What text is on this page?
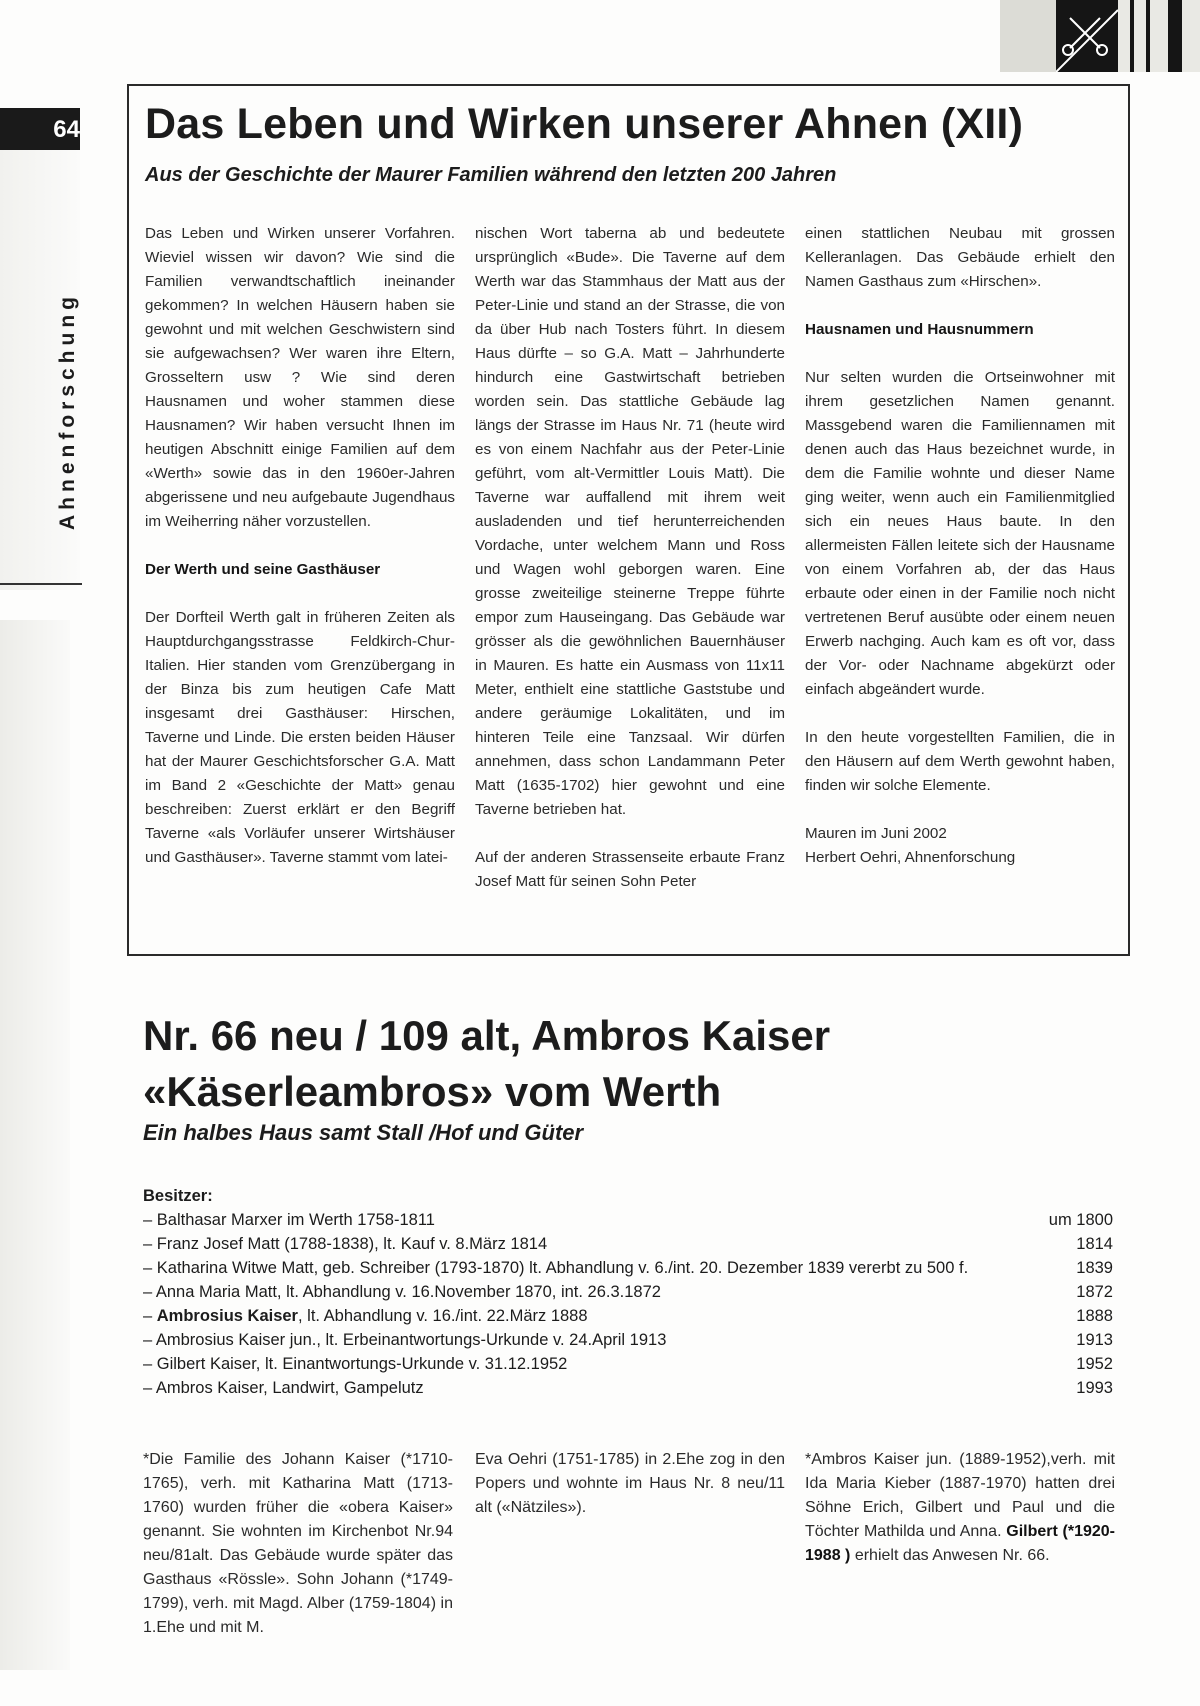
64
Ahnenforschung
Das Leben und Wirken unserer Ahnen (XII)
Aus der Geschichte der Maurer Familien während den letzten 200 Jahren

Das Leben und Wirken unserer Vorfahren. Wieviel wissen wir davon? Wie sind die Familien verwandtschaftlich ineinander gekommen? In welchen Häusern haben sie gewohnt und mit welchen Geschwistern sind sie aufgewachsen? Wer waren ihre Eltern, Grosseltern usw ? Wie sind deren Hausnamen und woher stammen diese Hausnamen? Wir haben versucht Ihnen im heutigen Abschnitt einige Familien auf dem «Werth» sowie das in den 1960er-Jahren abgerissene und neu aufgebaute Jugendhaus im Weiherring näher vorzustellen.

Der Werth und seine Gasthäuser

Der Dorfteil Werth galt in früheren Zeiten als Hauptdurchgangsstrasse Feldkirch-Chur-Italien. Hier standen vom Grenzübergang in der Binza bis zum heutigen Cafe Matt insgesamt drei Gasthäuser: Hirschen, Taverne und Linde. Die ersten beiden Häuser hat der Maurer Geschichtsforscher G.A. Matt im Band 2 «Geschichte der Matt» genau beschreiben: Zuerst erklärt er den Begriff Taverne «als Vorläufer unserer Wirtshäuser und Gasthäuser». Taverne stammt vom latei-

nischen Wort taberna ab und bedeutete ursprünglich «Bude». Die Taverne auf dem Werth war das Stammhaus der Matt aus der Peter-Linie und stand an der Strasse, die von da über Hub nach Tosters führt. In diesem Haus dürfte – so G.A. Matt – Jahrhunderte hindurch eine Gastwirtschaft betrieben worden sein. Das stattliche Gebäude lag längs der Strasse im Haus Nr. 71 (heute wird es von einem Nachfahr aus der Peter-Linie geführt, vom alt-Vermittler Louis Matt). Die Taverne war auffallend mit ihrem weit ausladenden und tief herunterreichenden Vordache, unter welchem Mann und Ross und Wagen wohl geborgen waren. Eine grosse zweiteilige steinerne Treppe führte empor zum Hauseingang. Das Gebäude war grösser als die gewöhnlichen Bauernhäuser in Mauren. Es hatte ein Ausmass von 11x11 Meter, enthielt eine stattliche Gaststube und andere geräumige Lokalitäten, und im hinteren Teile eine Tanzsaal. Wir dürfen annehmen, dass schon Landammann Peter Matt (1635-1702) hier gewohnt und eine Taverne betrieben hat.

Auf der anderen Strassenseite erbaute Franz Josef Matt für seinen Sohn Peter

einen stattlichen Neubau mit grossen Kelleranlagen. Das Gebäude erhielt den Namen Gasthaus zum «Hirschen».

Hausnamen und Hausnummern

Nur selten wurden die Ortseinwohner mit ihrem gesetzlichen Namen genannt. Massgebend waren die Familiennamen mit denen auch das Haus bezeichnet wurde, in dem die Familie wohnte und dieser Name ging weiter, wenn auch ein Familienmitglied sich ein neues Haus baute. In den allermeisten Fällen leitete sich der Hausname von einem Vorfahren ab, der das Haus erbaute oder einen in der Familie noch nicht vertretenen Beruf ausübte oder einem neuen Erwerb nachging. Auch kam es oft vor, dass der Vor- oder Nachname abgekürzt oder einfach abgeändert wurde.

In den heute vorgestellten Familien, die in den Häusern auf dem Werth gewohnt haben, finden wir solche Elemente.

Mauren im Juni 2002
Herbert Oehri, Ahnenforschung

Nr. 66 neu / 109 alt, Ambros Kaiser
«Käserleambros» vom Werth
Ein halbes Haus samt Stall /Hof und Güter
Besitzer:
– Balthasar Marxer im Werth 1758-1811	um 1800
– Franz Josef Matt (1788-1838), lt. Kauf v. 8.März 1814	1814
– Katharina Witwe Matt, geb. Schreiber (1793-1870) lt. Abhandlung v. 6./int. 20. Dezember 1839 vererbt zu 500 f.	1839
– Anna Maria Matt, lt. Abhandlung v. 16.November 1870, int. 26.3.1872	1872
– Ambrosius Kaiser, lt. Abhandlung v. 16./int. 22.März 1888	1888
– Ambrosius Kaiser jun., lt. Erbeinantwortungs-Urkunde v. 24.April 1913	1913
– Gilbert Kaiser, lt. Einantwortungs-Urkunde v. 31.12.1952	1952
– Ambros Kaiser, Landwirt, Gampelutz	1993
*Die Familie des Johann Kaiser (*1710-1765), verh. mit Katharina Matt (1713-1760) wurden früher die «obera Kaiser» genannt. Sie wohnten im Kirchenbot Nr.94 neu/81alt. Das Gebäude wurde später das Gasthaus «Rössle». Sohn Johann (*1749-1799), verh. mit Magd. Alber (1759-1804) in 1.Ehe und mit M.
Eva Oehri (1751-1785) in 2.Ehe zog in den Popers und wohnte im Haus Nr. 8 neu/11 alt («Nätziles»).
*Ambros Kaiser jun. (1889-1952),verh. mit Ida Maria Kieber (1887-1970) hatten drei Söhne Erich, Gilbert und Paul und die Töchter Mathilda und Anna. Gilbert (*1920-1988 ) erhielt das Anwesen Nr. 66.
